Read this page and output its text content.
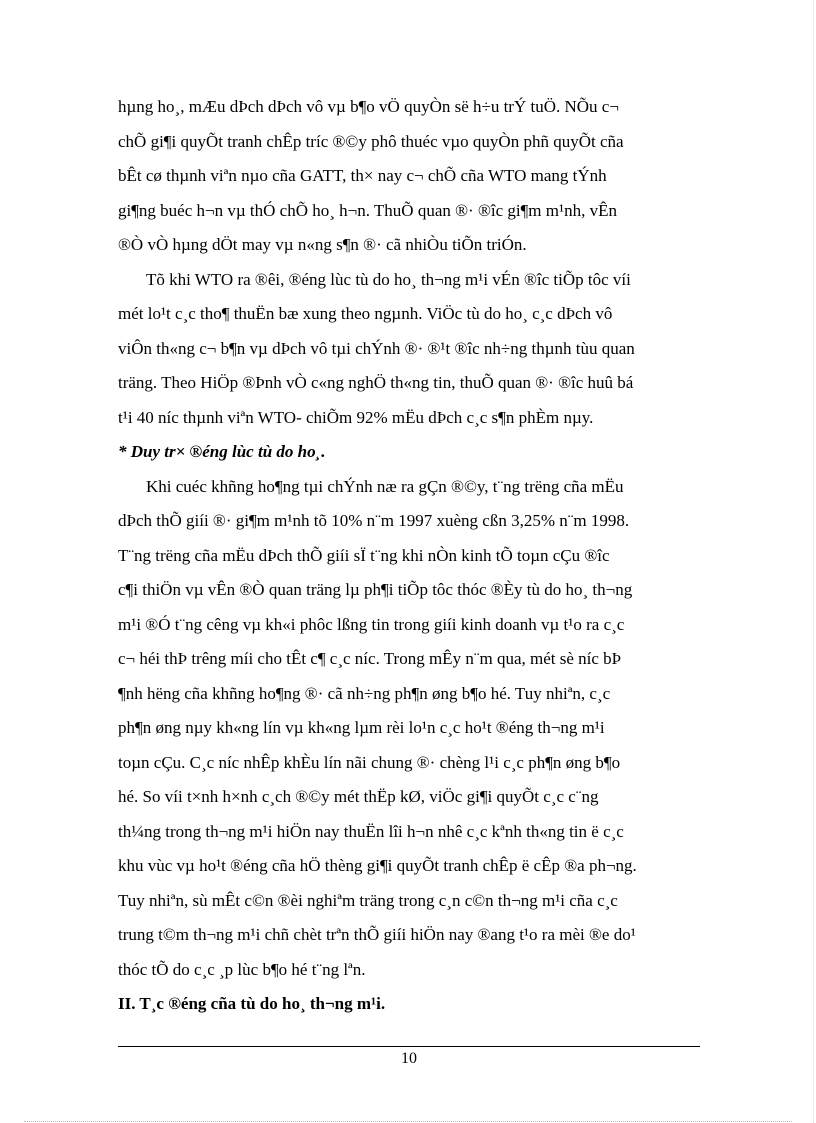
hµng ho¸, mÆu dÞch dÞch vô vµ b¶o vÖ quyÒn së h÷u trÝ tuÖ. NÕu c¬
chÕ gi¶i quyÕt tranh chÊp tríc ®©y phô thuéc vµo quyÒn phñ quyÕt cña
bÊt cø thµnh viªn nµo cña GATT, th× nay c¬ chÕ cña WTO mang tÝnh
gi¶ng buéc h¬n vµ thÓ chÕ ho¸ h¬n. ThuÕ quan ®· ®îc gi¶m m¹nh, vÊn
®Ò vÒ hµng dÖt may vµ n«ng s¶n ®· cã nhiÒu tiÕn triÓn.
Tõ khi WTO ra ®êi, ®éng lùc tù do ho¸ th¬ng m¹i vÉn ®îc tiÕp tôc víi
mét lo¹t c¸c tho¶ thuËn bæ xung theo ngµnh. ViÖc tù do ho¸ c¸c dÞch vô
viÔn th«ng c¬ b¶n vµ dÞch vô tµi chÝnh ®· ®¹t ®îc nh÷ng thµnh tùu quan
träng. Theo HiÖp ®Þnh vÒ c«ng nghÖ th«ng tin, thuÕ quan ®· ®îc huû bá
t¹i 40 níc thµnh viªn WTO- chiÕm 92% mËu dÞch c¸c s¶n phÈm nµy.
* Duy tr× ®éng lùc tù do ho¸.
Khi cuéc khñng ho¶ng tµi chÝnh næ ra gÇn ®©y, t¨ng trëng cña mËu
dÞch thÕ giíi ®· gi¶m m¹nh tõ 10% n¨m 1997 xuèng cßn 3,25% n¨m 1998.
T¨ng trëng cña mËu dÞch thÕ giíi sÏ t¨ng khi nÒn kinh tÕ toµn cÇu ®îc
c¶i thiÖn vµ vÊn ®Ò quan träng lµ ph¶i tiÕp tôc thóc ®Èy tù do ho¸ th¬ng
m¹i ®Ó t¨ng cêng vµ kh«i phôc lßng tin trong giíi kinh doanh vµ t¹o ra c¸c
c¬ héi thÞ trêng míi cho tÊt c¶ c¸c níc. Trong mÊy n¨m qua, mét sè níc bÞ
¶nh hëng cña khñng ho¶ng ®· cã nh÷ng ph¶n øng b¶o hé. Tuy nhiªn, c¸c
ph¶n øng nµy kh«ng lín vµ kh«ng lµm rèi lo¹n c¸c ho¹t ®éng th¬ng m¹i
toµn cÇu. C¸c níc nhÊp khÈu lín nãi chung ®· chèng l¹i c¸c ph¶n øng b¶o
hé. So víi t×nh h×nh c¸ch ®©y mét thËp kØ, viÖc gi¶i quyÕt c¸c c¨ng
th¼ng trong th¬ng m¹i hiÖn nay thuËn lîi h¬n nhê c¸c kªnh th«ng tin ë c¸c
khu vùc vµ ho¹t ®éng cña hÖ thèng gi¶i quyÕt tranh chÊp ë cÊp ®a ph¬ng.
Tuy nhiªn, sù mÊt c©n ®èi nghiªm träng trong c¸n c©n th¬ng m¹i cña c¸c
trung t©m th¬ng m¹i chñ chèt trªn thÕ giíi hiÖn nay ®ang t¹o ra mèi ®e do¹
thóc tÕ do c¸c ¸p lùc b¶o hé t¨ng lªn.
II. T¸c ®éng cña tù do ho¸ th¬ng m¹i.
10
